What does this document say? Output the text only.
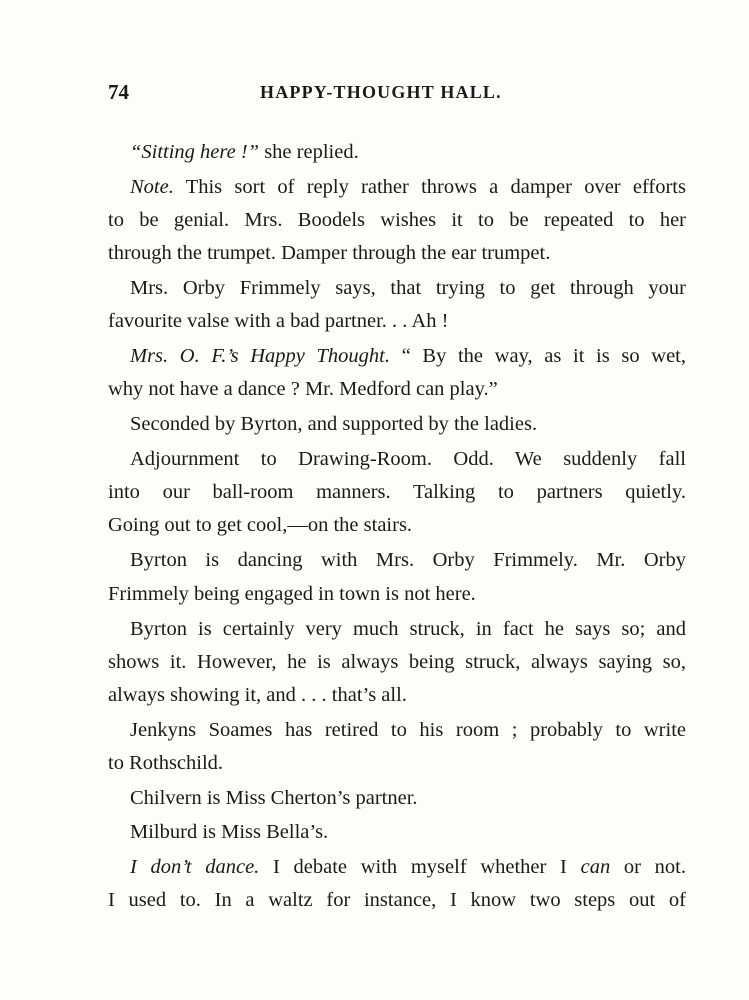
74	HAPPY-THOUGHT HALL.
“Sitting here !” she replied.
Note. This sort of reply rather throws a damper over efforts
to be genial. Mrs. Boodels wishes it to be repeated to her
through the trumpet. Damper through the ear trumpet.
Mrs. Orby Frimmely says, that trying to get through your
favourite valse with a bad partner. . . Ah !
Mrs. O. F.’s Happy Thought. “ By the way, as it is so wet,
why not have a dance ? Mr. Medford can play.”
Seconded by Byrton, and supported by the ladies.
Adjournment to Drawing-Room. Odd. We suddenly fall
into our ball-room manners. Talking to partners quietly.
Going out to get cool,—on the stairs.
Byrton is dancing with Mrs. Orby Frimmely. Mr. Orby
Frimmely being engaged in town is not here.
Byrton is certainly very much struck, in fact he says so; and
shows it. However, he is always being struck, always saying so,
always showing it, and . . . that’s all.
Jenkyns Soames has retired to his room ; probably to write
to Rothschild.
Chilvern is Miss Cherton’s partner.
Milburd is Miss Bella’s.
I don’t dance. I debate with myself whether I can or not.
I used to. In a waltz for instance, I know two steps out of
